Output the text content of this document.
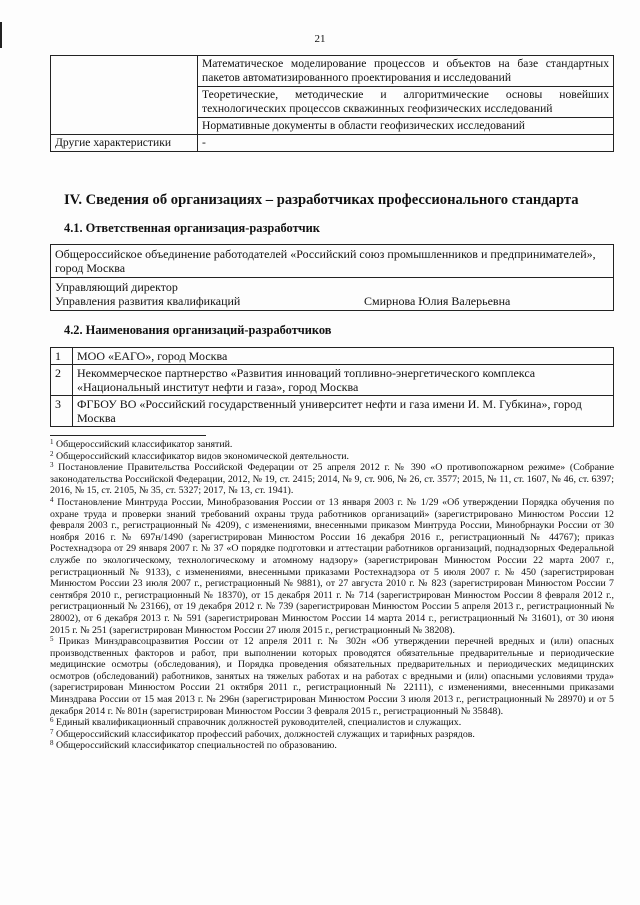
21
	Математическое моделирование процессов и объектов на базе стандартных пакетов автоматизированного проектирования и исследований
	Теоретические, методические и алгоритмические основы новейших технологических процессов скважинных геофизических исследований
	Нормативные документы в области геофизических исследований
Другие характеристики	-
IV. Сведения об организациях – разработчиках профессионального стандарта
4.1. Ответственная организация-разработчик
Общероссийское объединение работодателей «Российский союз промышленников и предпринимателей», город Москва

Управляющий директор
Управления развития квалификаций	Смирнова Юлия Валерьевна
4.2. Наименования организаций-разработчиков
1	МОО «ЕАГО», город Москва
2	Некоммерческое партнерство «Развития инноваций топливно-энергетического комплекса «Национальный институт нефти и газа», город Москва
3	ФГБОУ ВО «Российский государственный университет нефти и газа имени И. М. Губкина», город Москва

$^1$ Общероссийский классификатор занятий.

$^2$ Общероссийский классификатор видов экономической деятельности.

$^3$ Постановление Правительства Российской Федерации от 25 апреля 2012 г. № 390 «О противопожарном режиме» (Собрание законодательства Российской Федерации, 2012, № 19, ст. 2415; 2014, № 9, ст. 906, № 26, ст. 3577; 2015, № 11, ст. 1607, № 46, ст. 6397; 2016, № 15, ст. 2105, № 35, ст. 5327; 2017, № 13, ст. 1941).

$^4$ Постановление Минтруда России, Минобразования России от 13 января 2003 г. № 1/29 «Об утверждении Порядка обучения по охране труда и проверки знаний требований охраны труда работников организаций» (зарегистрировано Минюстом России 12 февраля 2003 г., регистрационный № 4209), с изменениями, внесенными приказом Минтруда России, Минобрнауки России от 30 ноября 2016 г. № 697н/1490 (зарегистрирован Минюстом России 16 декабря 2016 г., регистрационный № 44767); приказ Ростехнадзора от 29 января 2007 г. № 37 «О порядке подготовки и аттестации работников организаций, поднадзорных Федеральной службе по экологическому, технологическому и атомному надзору» (зарегистрирован Минюстом России 22 марта 2007 г., регистрационный № 9133), с изменениями, внесенными приказами Ростехнадзора от 5 июля 2007 г. № 450 (зарегистрирован Минюстом России 23 июля 2007 г., регистрационный № 9881), от 27 августа 2010 г. № 823 (зарегистрирован Минюстом России 7 сентября 2010 г., регистрационный № 18370), от 15 декабря 2011 г. № 714 (зарегистрирован Минюстом России 8 февраля 2012 г., регистрационный № 23166), от 19 декабря 2012 г. № 739 (зарегистрирован Минюстом России 5 апреля 2013 г., регистрационный № 28002), от 6 декабря 2013 г. № 591 (зарегистрирован Минюстом России 14 марта 2014 г., регистрационный № 31601), от 30 июня 2015 г. № 251 (зарегистрирован Минюстом России 27 июля 2015 г., регистрационный № 38208).

$^5$ Приказ Минздравсоцразвития России от 12 апреля 2011 г. № 302н «Об утверждении перечней вредных и (или) опасных производственных факторов и работ, при выполнении которых проводятся обязательные предварительные и периодические медицинские осмотры (обследования), и Порядка проведения обязательных предварительных и периодических медицинских осмотров (обследований) работников, занятых на тяжелых работах и на работах с вредными и (или) опасными условиями труда» (зарегистрирован Минюстом России 21 октября 2011 г., регистрационный № 22111), с изменениями, внесенными приказами Минздрава России от 15 мая 2013 г. № 296н (зарегистрирован Минюстом России 3 июля 2013 г., регистрационный № 28970) и от 5 декабря 2014 г. № 801н (зарегистрирован Минюстом России 3 февраля 2015 г., регистрационный № 35848).

$^6$ Единый квалификационный справочник должностей руководителей, специалистов и служащих.

$^7$ Общероссийский классификатор профессий рабочих, должностей служащих и тарифных разрядов.

$^8$ Общероссийский классификатор специальностей по образованию.
